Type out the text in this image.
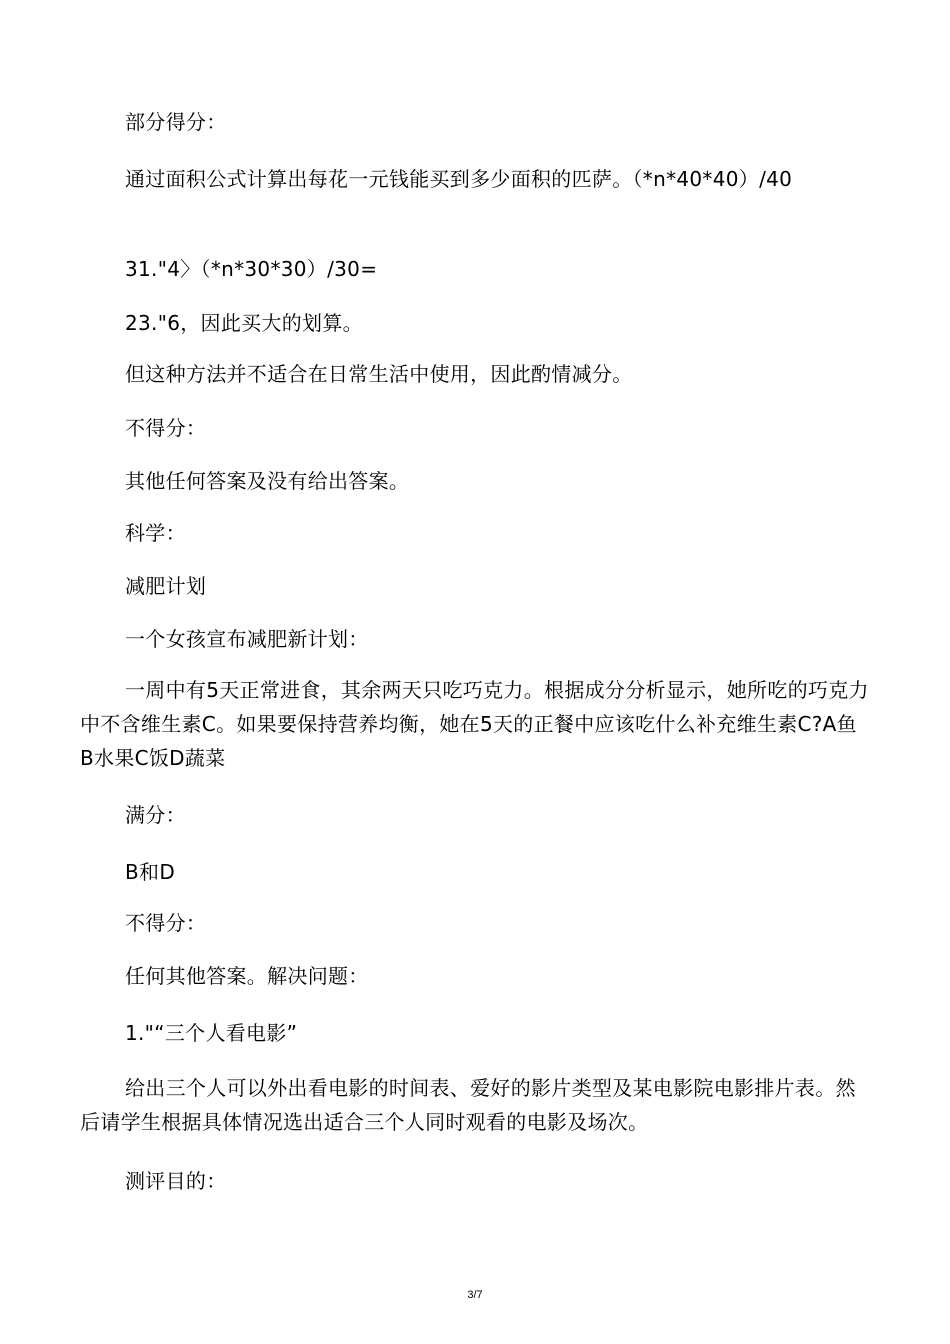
部分得分：
通过面积公式计算出每花一元钱能买到多少面积的匹萨。（*n*40*40）/40
31."4〉（*n*30*30）/30=
23."6，因此买大的划算。
但这种方法并不适合在日常生活中使用，因此酌情减分。
不得分：
其他任何答案及没有给出答案。
科学：
减肥计划
一个女孩宣布减肥新计划：
一周中有5天正常进食，其余两天只吃巧克力。根据成分分析显示，她所吃的巧克力中不含维生素C。如果要保持营养均衡，她在5天的正餐中应该吃什么补充维生素C?A鱼B水果C饭D蔬菜
满分：
B和D
不得分：
任何其他答案。解决问题：
1."“三个人看电影”
给出三个人可以外出看电影的时间表、爱好的影片类型及某电影院电影排片表。然后请学生根据具体情况选出适合三个人同时观看的电影及场次。
测评目的：
3/7
